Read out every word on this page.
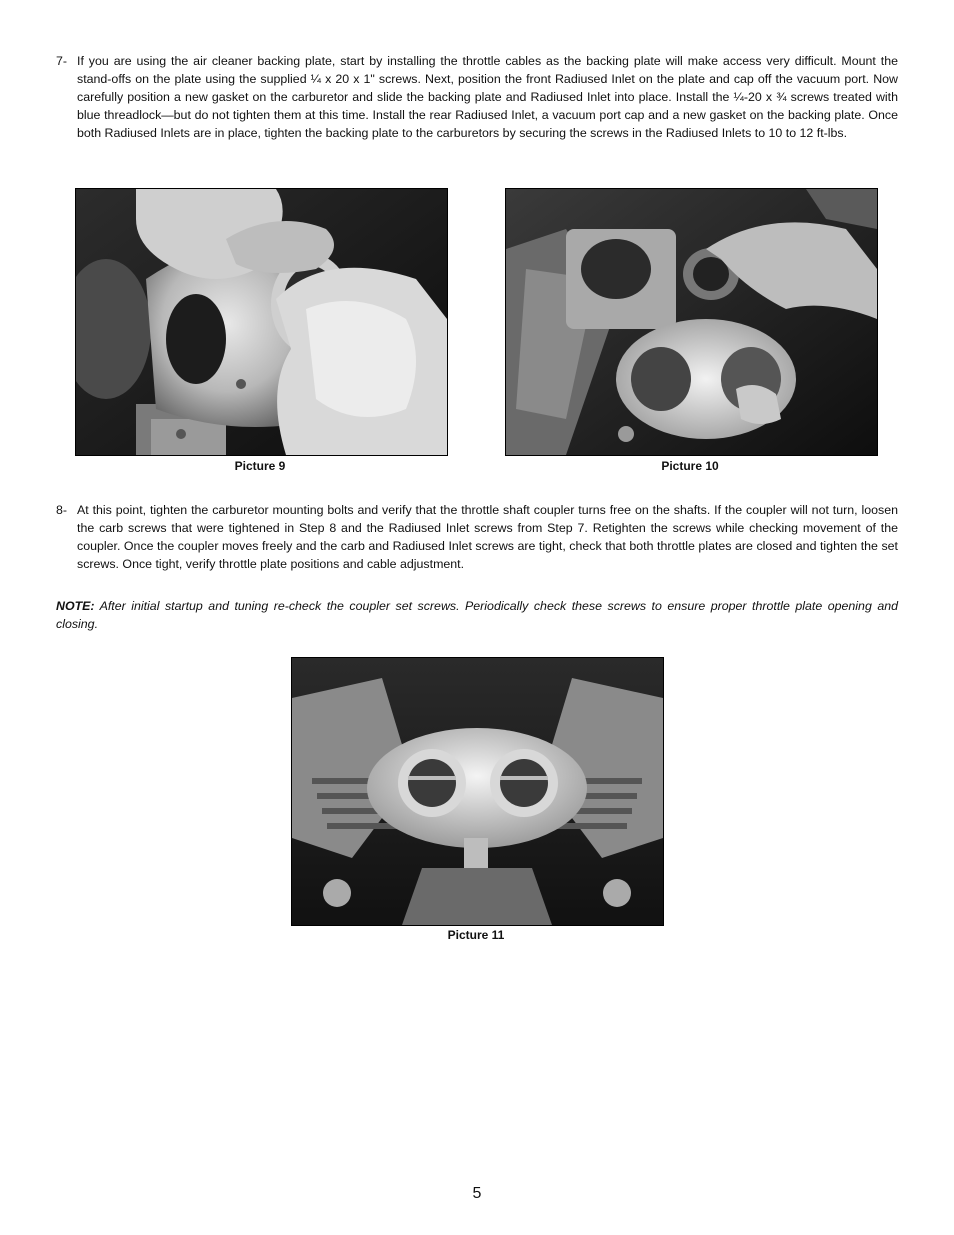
7- If you are using the air cleaner backing plate, start by installing the throttle cables as the backing plate will make access very difficult. Mount the stand-offs on the plate using the supplied ¼ x 20 x 1" screws. Next, position the front Radiused Inlet on the plate and cap off the vacuum port. Now carefully position a new gasket on the carburetor and slide the backing plate and Radiused Inlet into place. Install the ¼-20 x ¾ screws treated with blue threadlock—but do not tighten them at this time. Install the rear Radiused Inlet, a vacuum port cap and a new gasket on the backing plate. Once both Radiused Inlets are in place, tighten the backing plate to the carburetors by securing the screws in the Radiused Inlets to 10 to 12 ft-lbs.
Picture 9	Picture 10
8- At this point, tighten the carburetor mounting bolts and verify that the throttle shaft coupler turns free on the shafts. If the coupler will not turn, loosen the carb screws that were tightened in Step 8 and the Radiused Inlet screws from Step 7. Retighten the screws while checking movement of the coupler. Once the coupler moves freely and the carb and Radiused Inlet screws are tight, check that both throttle plates are closed and tighten the set screws. Once tight, verify throttle plate positions and cable adjustment.
NOTE: After initial startup and tuning re-check the coupler set screws. Periodically check these screws to ensure proper throttle plate opening and closing.
Picture 11
5
